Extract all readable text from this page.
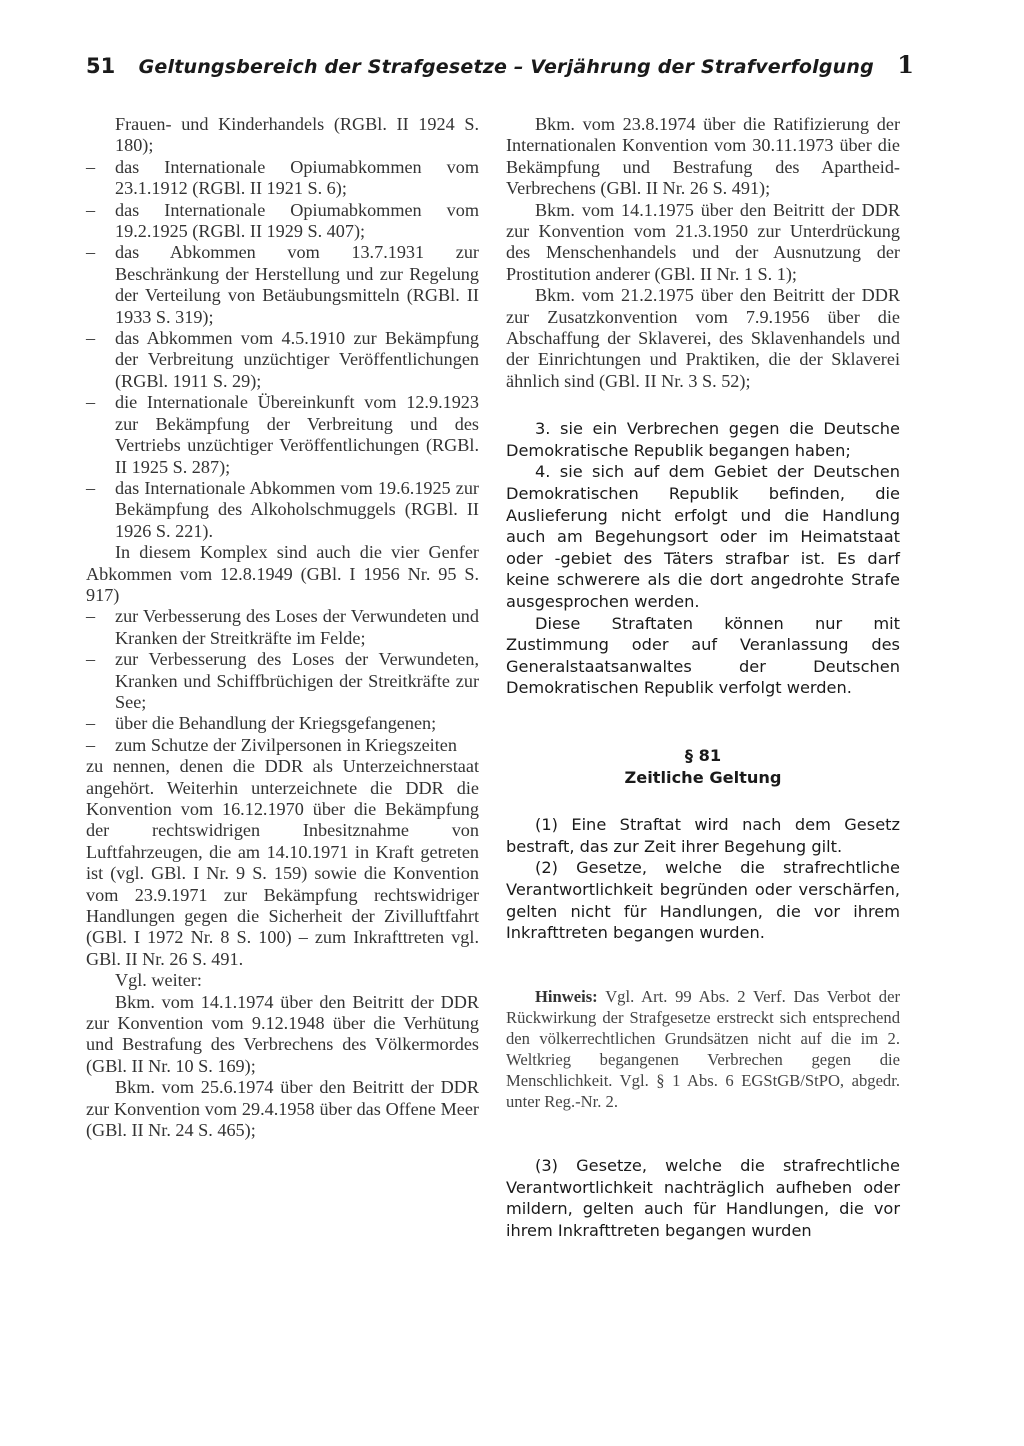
51 Geltungsbereich der Strafgesetze – Verjährung der Strafverfolgung 1

Frauen- und Kinderhandels (RGBl. II 1924 S. 180);

– das Internationale Opiumabkommen vom 23.1.1912 (RGBl. II 1921 S. 6);

– das Internationale Opiumabkommen vom 19.2.1925 (RGBl. II 1929 S. 407);

– das Abkommen vom 13.7.1931 zur Beschränkung der Herstellung und zur Regelung der Verteilung von Betäubungsmitteln (RGBl. II 1933 S. 319);

– das Abkommen vom 4.5.1910 zur Bekämpfung der Verbreitung unzüchtiger Veröffentlichungen (RGBl. 1911 S. 29);

– die Internationale Übereinkunft vom 12.9.1923 zur Bekämpfung der Verbreitung und des Vertriebs unzüchtiger Veröffentlichungen (RGBl. II 1925 S. 287);

– das Internationale Abkommen vom 19.6.1925 zur Bekämpfung des Alkoholschmuggels (RGBl. II 1926 S. 221).

In diesem Komplex sind auch die vier Genfer Abkommen vom 12.8.1949 (GBl. I 1956 Nr. 95 S. 917)

– zur Verbesserung des Loses der Verwundeten und Kranken der Streitkräfte im Felde;

– zur Verbesserung des Loses der Verwundeten, Kranken und Schiffbrüchigen der Streitkräfte zur See;

– über die Behandlung der Kriegsgefangenen;

– zum Schutze der Zivilpersonen in Kriegszeiten

zu nennen, denen die DDR als Unterzeichnerstaat angehört. Weiterhin unterzeichnete die DDR die Konvention vom 16.12.1970 über die Bekämpfung der rechtswidrigen Inbesitznahme von Luftfahrzeugen, die am 14.10.1971 in Kraft getreten ist (vgl. GBl. I Nr. 9 S. 159) sowie die Konvention vom 23.9.1971 zur Bekämpfung rechtswidriger Handlungen gegen die Sicherheit der Zivilluftfahrt (GBl. I 1972 Nr. 8 S. 100) – zum Inkrafttreten vgl. GBl. II Nr. 26 S. 491.

Vgl. weiter:

Bkm. vom 14.1.1974 über den Beitritt der DDR zur Konvention vom 9.12.1948 über die Verhütung und Bestrafung des Verbrechens des Völkermordes (GBl. II Nr. 10 S. 169);

Bkm. vom 25.6.1974 über den Beitritt der DDR zur Konvention vom 29.4.1958 über das Offene Meer (GBl. II Nr. 24 S. 465);

Bkm. vom 23.8.1974 über die Ratifizierung der Internationalen Konvention vom 30.11.1973 über die Bekämpfung und Bestrafung des Apartheid-Verbrechens (GBl. II Nr. 26 S. 491);

Bkm. vom 14.1.1975 über den Beitritt der DDR zur Konvention vom 21.3.1950 zur Unterdrückung des Menschenhandels und der Ausnutzung der Prostitution anderer (GBl. II Nr. 1 S. 1);

Bkm. vom 21.2.1975 über den Beitritt der DDR zur Zusatzkonvention vom 7.9.1956 über die Abschaffung der Sklaverei, des Sklavenhandels und der Einrichtungen und Praktiken, die der Sklaverei ähnlich sind (GBl. II Nr. 3 S. 52);

3. sie ein Verbrechen gegen die Deutsche Demokratische Republik begangen haben;

4. sie sich auf dem Gebiet der Deutschen Demokratischen Republik befinden, die Auslieferung nicht erfolgt und die Handlung auch am Begehungsort oder im Heimatstaat oder -gebiet des Täters strafbar ist. Es darf keine schwerere als die dort angedrohte Strafe ausgesprochen werden.

Diese Straftaten können nur mit Zustimmung oder auf Veranlassung des Generalstaatsanwaltes der Deutschen Demokratischen Republik verfolgt werden.

§ 81
Zeitliche Geltung

(1) Eine Straftat wird nach dem Gesetz bestraft, das zur Zeit ihrer Begehung gilt.

(2) Gesetze, welche die strafrechtliche Verantwortlichkeit begründen oder verschärfen, gelten nicht für Handlungen, die vor ihrem Inkrafttreten begangen wurden.

Hinweis: Vgl. Art. 99 Abs. 2 Verf. Das Verbot der Rückwirkung der Strafgesetze erstreckt sich entsprechend den völkerrechtlichen Grundsätzen nicht auf die im 2. Weltkrieg begangenen Verbrechen gegen die Menschlichkeit. Vgl. § 1 Abs. 6 EGStGB/StPO, abgedr. unter Reg.-Nr. 2.

(3) Gesetze, welche die strafrechtliche Verantwortlichkeit nachträglich aufheben oder mildern, gelten auch für Handlungen, die vor ihrem Inkrafttreten begangen wurden
